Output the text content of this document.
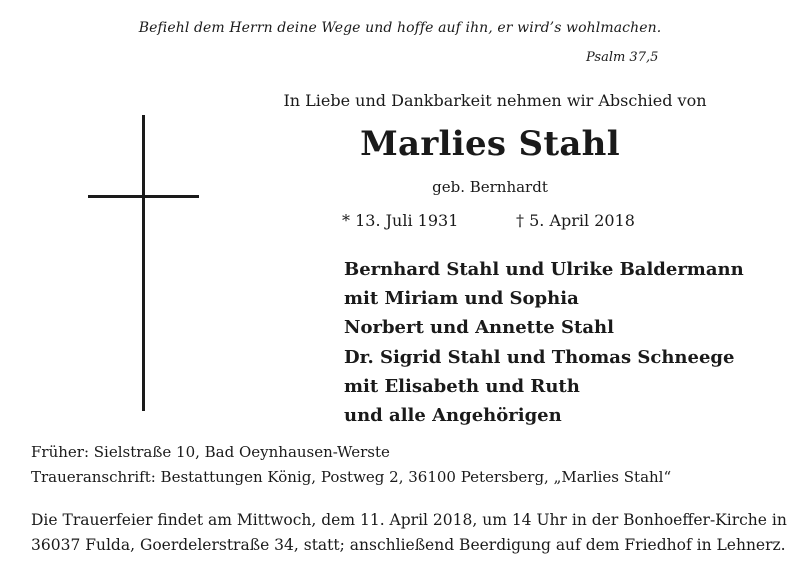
Befiehl dem Herrn deine Wege und hoffe auf ihn, er wird’s wohlmachen.
Psalm 37,5
In Liebe und Dankbarkeit nehmen wir Abschied von
Marlies Stahl
geb. Bernhardt
* 13. Juli 1931	† 5. April 2018
Bernhard Stahl und Ulrike Baldermann
mit Miriam und Sophia
Norbert und Annette Stahl
Dr. Sigrid Stahl und Thomas Schneege
mit Elisabeth und Ruth
und alle Angehörigen
Früher: Sielstraße 10, Bad Oeynhausen-Werste
Traueranschrift: Bestattungen König, Postweg 2, 36100 Petersberg, „Marlies Stahl“
Die Trauerfeier findet am Mittwoch, dem 11. April 2018, um 14 Uhr in der Bonhoeffer-Kirche in
36037 Fulda, Goerdelerstraße 34, statt; anschließend Beerdigung auf dem Friedhof in Lehnerz.
